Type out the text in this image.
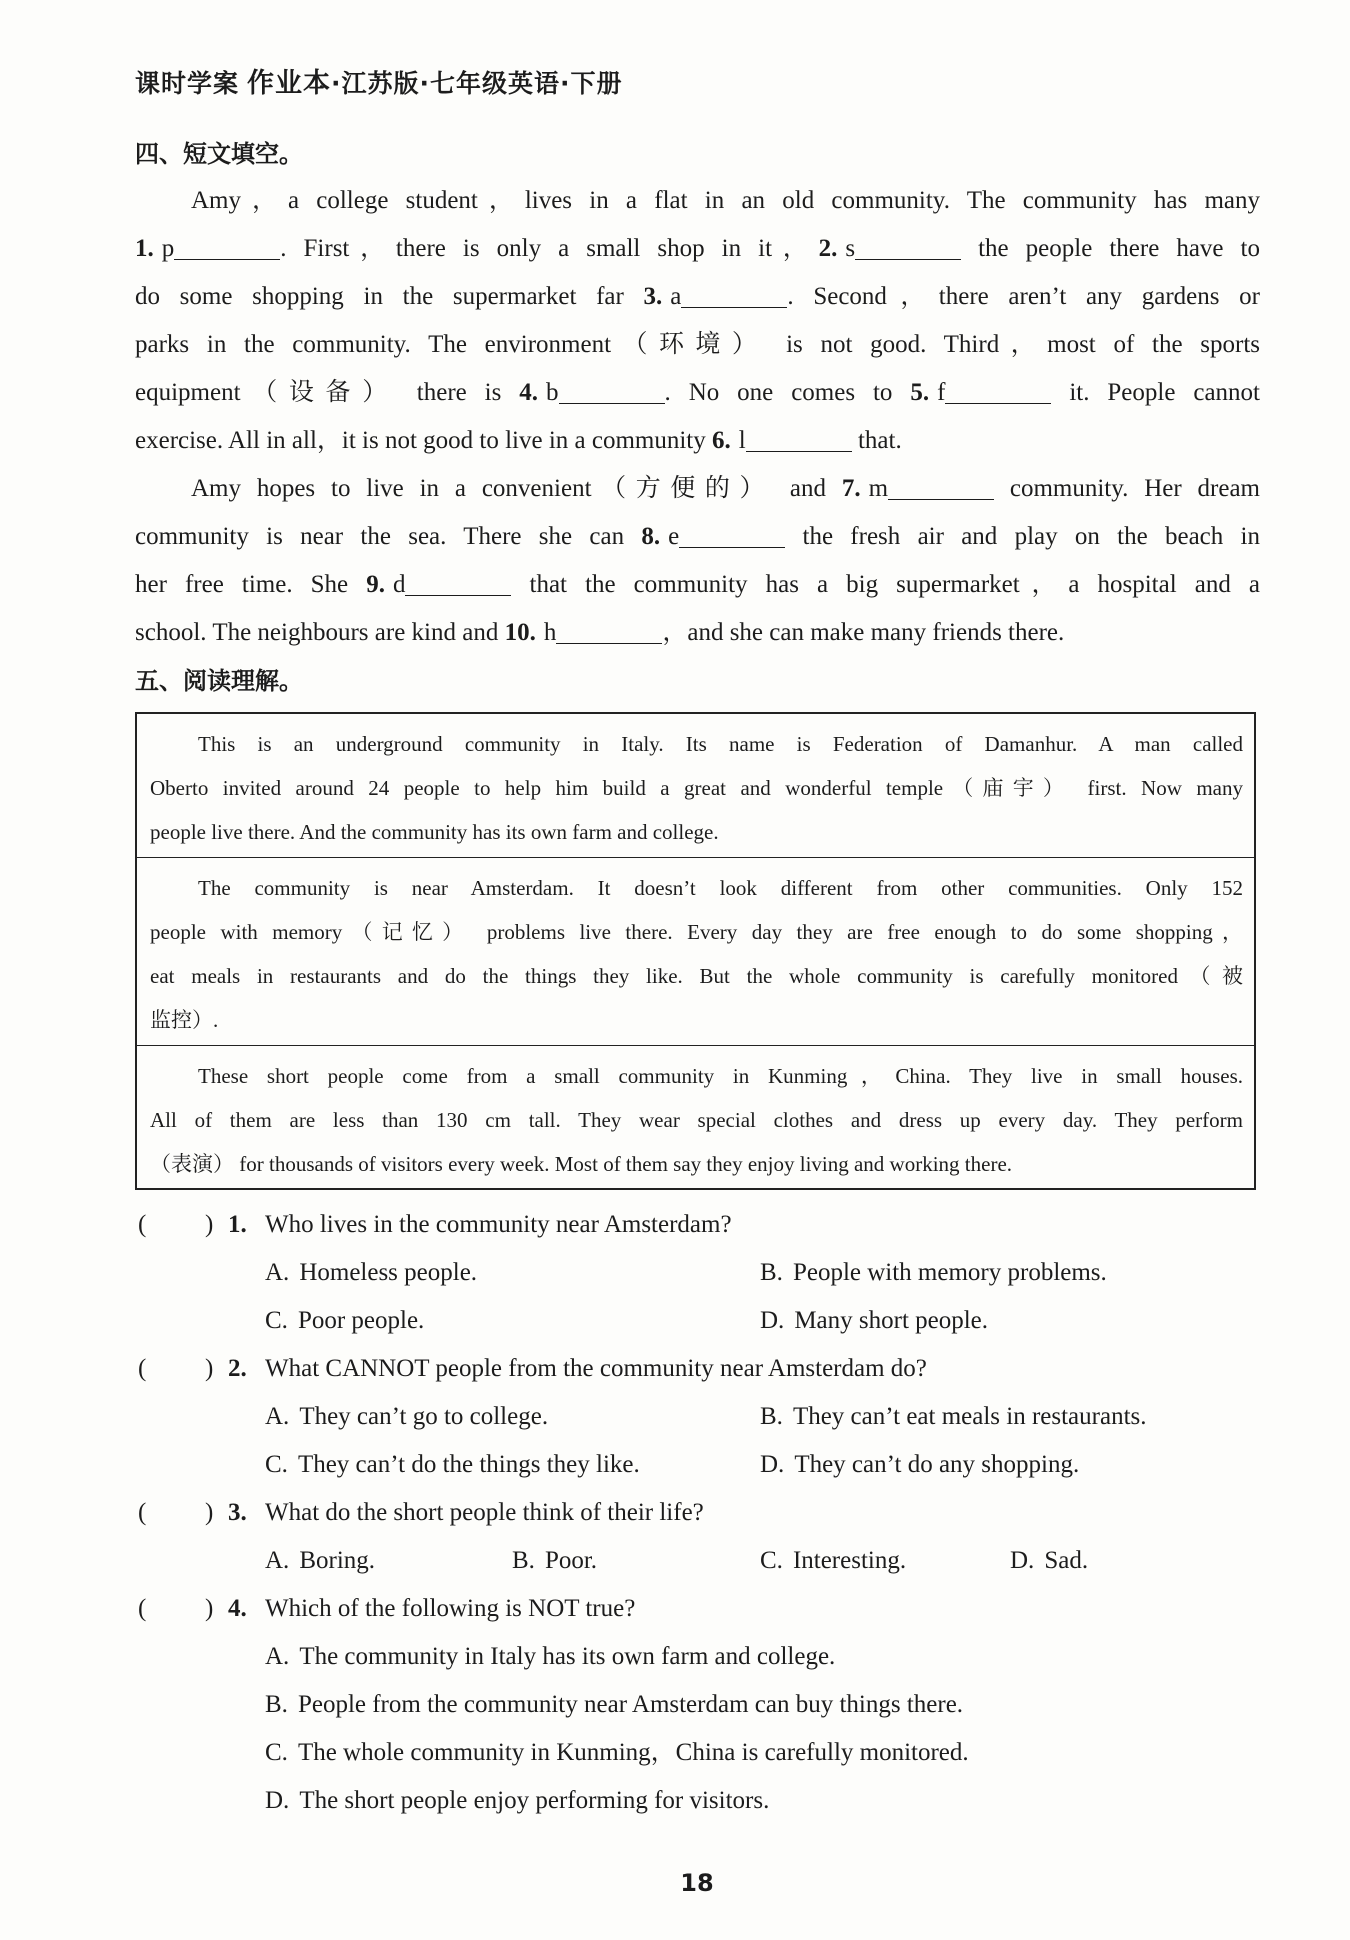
课时学案 作业本·江苏版·七年级英语·下册
四、短文填空。
Amy，a college student，lives in a flat in an old community. The community has many
1. p	. First，there is only a small shop in it，2. s	the people there have to
do some shopping in the supermarket far 3. a	. Second，there aren’t any gardens or
parks in the community. The environment（环境） is not good. Third，most of the sports
equipment（设备） there is 4. b	. No one comes to 5. f	it. People cannot
exercise. All in all，it is not good to live in a community 6. l	that.
Amy hopes to live in a convenient（方便的） and 7. m	community. Her dream
community is near the sea. There she can 8. e	the fresh air and play on the beach in
her free time. She 9. d	that the community has a big supermarket，a hospital and a
school. The neighbours are kind and 10. h	，and she can make many friends there.
五、阅读理解。
This is an underground community in Italy. Its name is Federation of Damanhur. A man called
Oberto invited around 24 people to help him build a great and wonderful temple（庙宇） first. Now many
people live there. And the community has its own farm and college.
The community is near Amsterdam. It doesn’t look different from other communities. Only 152
people with memory（记忆） problems live there. Every day they are free enough to do some shopping，
eat meals in restaurants and do the things they like. But the whole community is carefully monitored（被
监控）.
These short people come from a small community in Kunming，China. They live in small houses.
All of them are less than 130 cm tall. They wear special clothes and dress up every day. They perform
（表演） for thousands of visitors every week. Most of them say they enjoy living and working there.
( ) 1. Who lives in the community near Amsterdam?
A. Homeless people.	B. People with memory problems.
C. Poor people.	D. Many short people.
( ) 2. What CANNOT people from the community near Amsterdam do?
A. They can’t go to college.	B. They can’t eat meals in restaurants.
C. They can’t do the things they like.	D. They can’t do any shopping.
( ) 3. What do the short people think of their life?
A. Boring.	B. Poor.	C. Interesting.	D. Sad.
( ) 4. Which of the following is NOT true?
A. The community in Italy has its own farm and college.
B. People from the community near Amsterdam can buy things there.
C. The whole community in Kunming，China is carefully monitored.
D. The short people enjoy performing for visitors.
18
